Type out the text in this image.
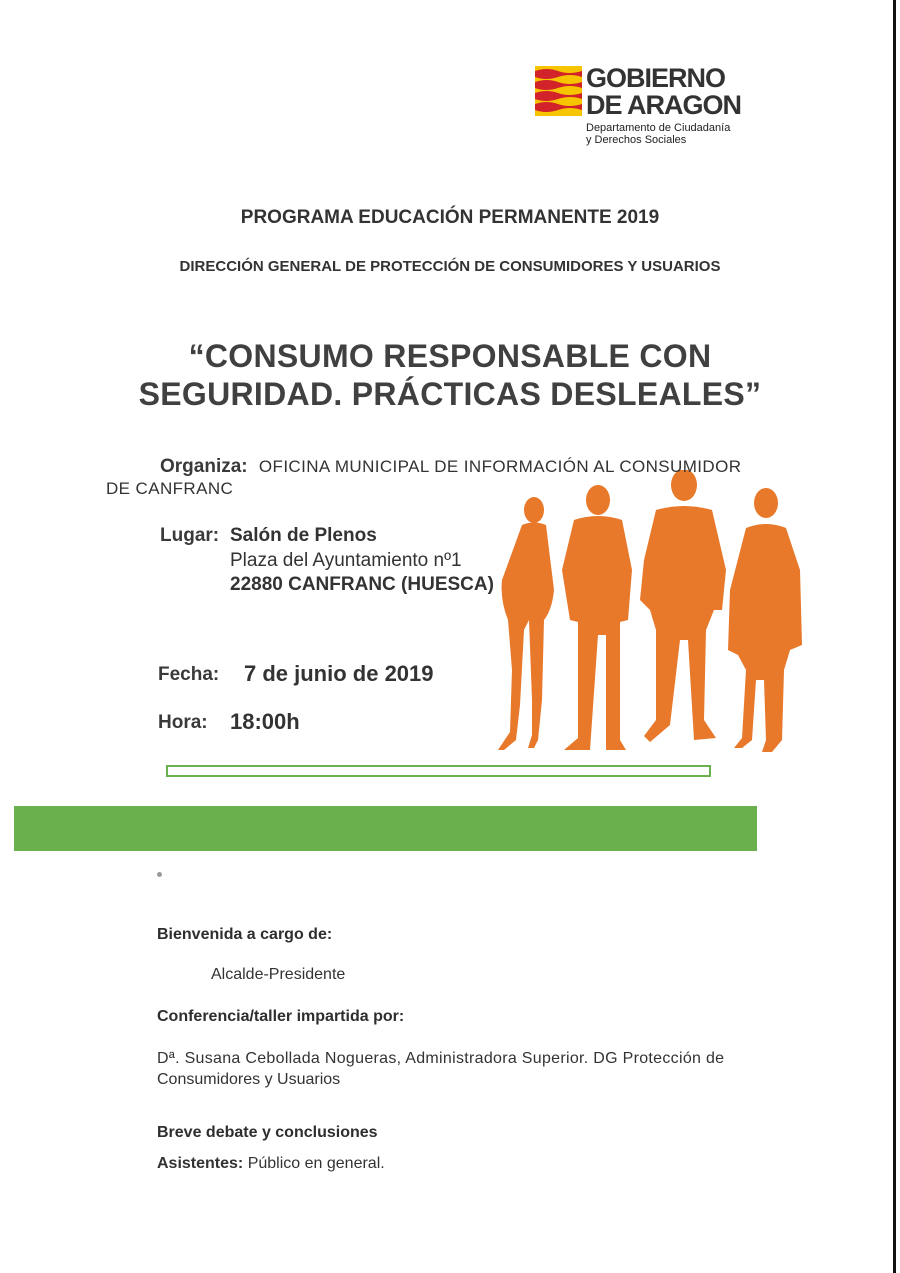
GOBIERNO
DE ARAGON
Departamento de Ciudadanía
y Derechos Sociales
PROGRAMA EDUCACIÓN PERMANENTE 2019
DIRECCIÓN GENERAL DE PROTECCIÓN DE CONSUMIDORES Y USUARIOS
“CONSUMO RESPONSABLE CON
SEGURIDAD. PRÁCTICAS DESLEALES”
Organiza: OFICINA MUNICIPAL DE INFORMACIÓN AL CONSUMIDOR
DE CANFRANC
Lugar: Salón de Plenos
Plaza del Ayuntamiento nº1
22880 CANFRANC (HUESCA)
Fecha: 7 de junio de 2019
Hora: 18:00h
Bienvenida a cargo de:
Alcalde-Presidente
Conferencia/taller impartida por:
Dª. Susana Cebollada Nogueras, Administradora Superior. DG Protección de
Consumidores y Usuarios
Breve debate y conclusiones
Asistentes: Público en general.
